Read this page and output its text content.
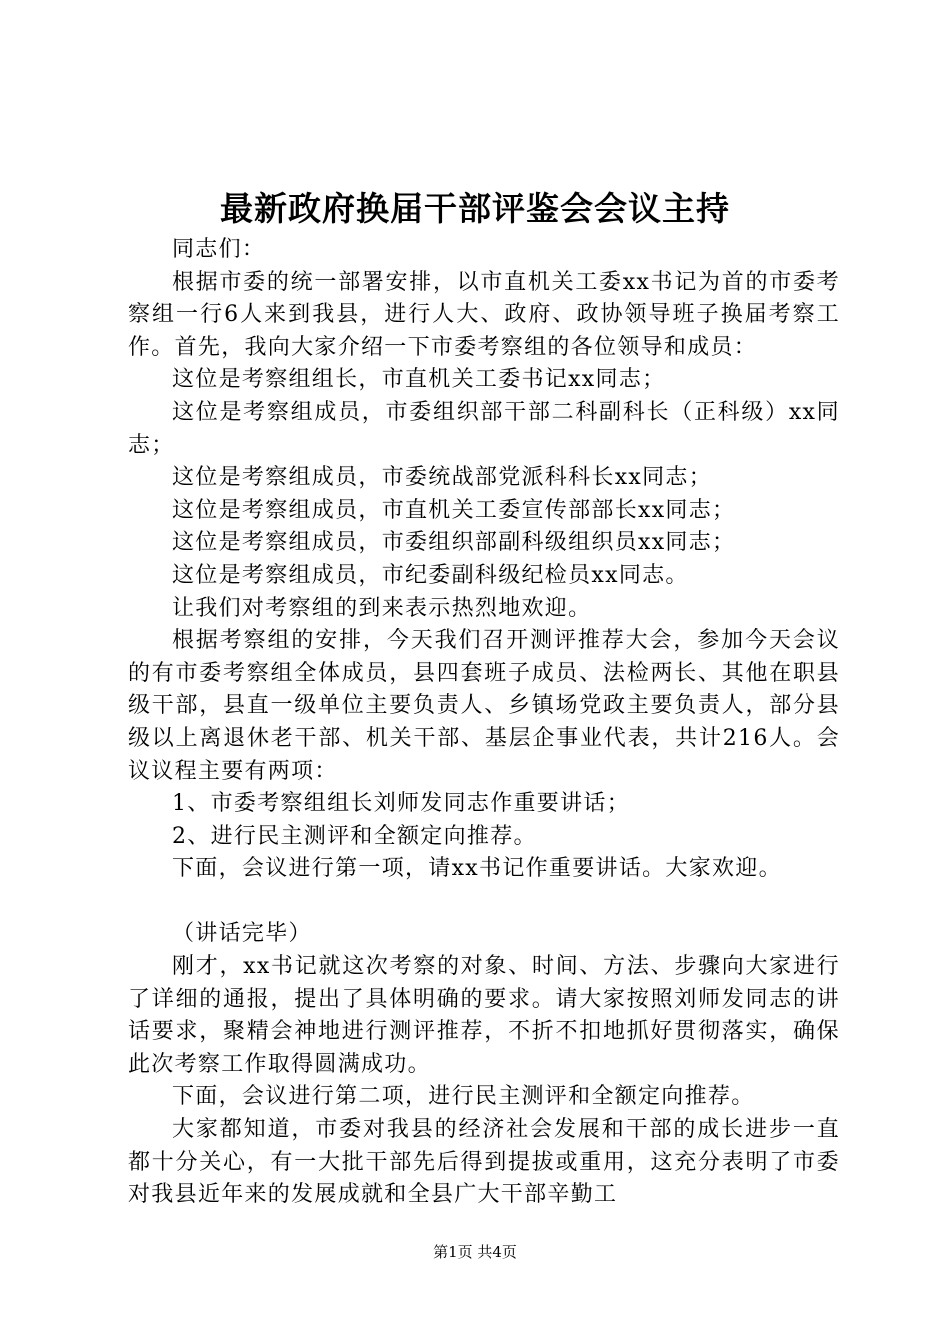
最新政府换届干部评鉴会会议主持

同志们：

根据市委的统一部署安排，以市直机关工委xx书记为首的市委考察组一行6人来到我县，进行人大、政府、政协领导班子换届考察工作。首先，我向大家介绍一下市委考察组的各位领导和成员：

这位是考察组组长，市直机关工委书记xx同志；

这位是考察组成员，市委组织部干部二科副科长（正科级）xx同志；

这位是考察组成员，市委统战部党派科科长xx同志；

这位是考察组成员，市直机关工委宣传部部长xx同志；

这位是考察组成员，市委组织部副科级组织员xx同志；

这位是考察组成员，市纪委副科级纪检员xx同志。

让我们对考察组的到来表示热烈地欢迎。

根据考察组的安排，今天我们召开测评推荐大会，参加今天会议的有市委考察组全体成员，县四套班子成员、法检两长、其他在职县级干部，县直一级单位主要负责人、乡镇场党政主要负责人，部分县级以上离退休老干部、机关干部、基层企事业代表，共计216人。会议议程主要有两项：

1、市委考察组组长刘师发同志作重要讲话；

2、进行民主测评和全额定向推荐。

下面，会议进行第一项，请xx书记作重要讲话。大家欢迎。

（讲话完毕）

刚才，xx书记就这次考察的对象、时间、方法、步骤向大家进行了详细的通报，提出了具体明确的要求。请大家按照刘师发同志的讲话要求，聚精会神地进行测评推荐，不折不扣地抓好贯彻落实，确保此次考察工作取得圆满成功。

下面，会议进行第二项，进行民主测评和全额定向推荐。

大家都知道，市委对我县的经济社会发展和干部的成长进步一直都十分关心，有一大批干部先后得到提拔或重用，这充分表明了市委对我县近年来的发展成就和全县广大干部辛勤工

第1页 共4页
